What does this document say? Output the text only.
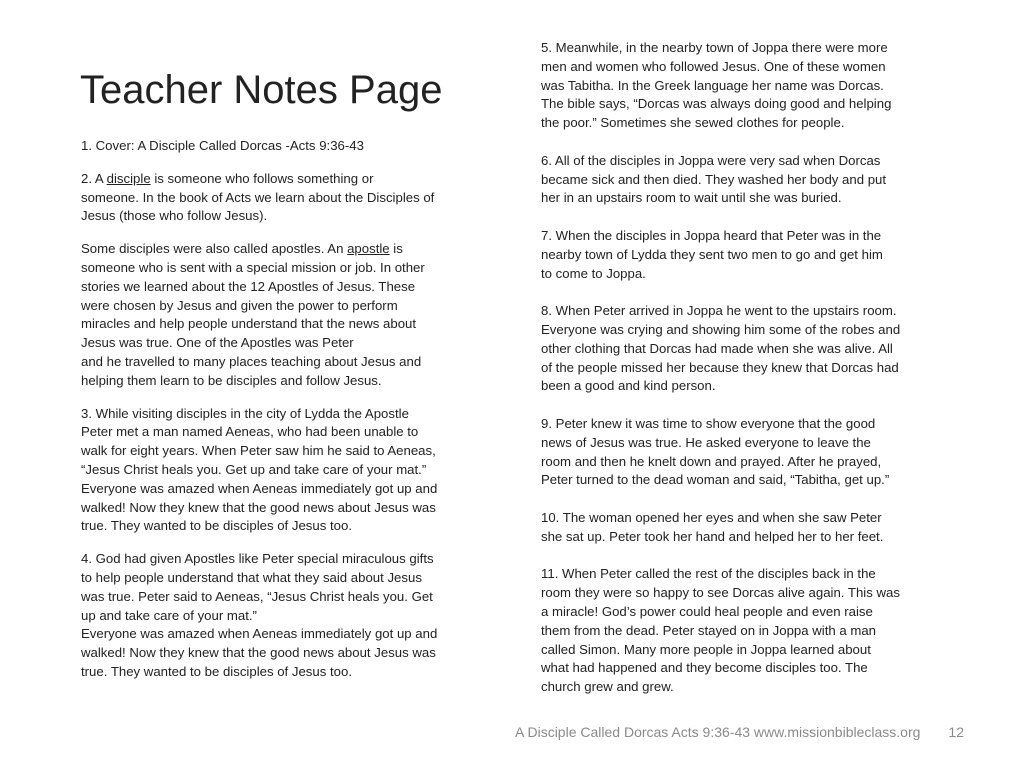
Teacher Notes Page

1. Cover: A Disciple Called Dorcas -Acts 9:36-43

2. A disciple is someone who follows something or
someone. In the book of Acts we learn about the Disciples of
Jesus (those who follow Jesus).

Some disciples were also called apostles. An apostle is
someone who is sent with a special mission or job. In other
stories we learned about the 12 Apostles of Jesus. These
were chosen by Jesus and given the power to perform
miracles and help people understand that the news about
Jesus was true. One of the Apostles was Peter
and he travelled to many places teaching about Jesus and
helping them learn to be disciples and follow Jesus.

3. While visiting disciples in the city of Lydda the Apostle
Peter met a man named Aeneas, who had been unable to
walk for eight years. When Peter saw him he said to Aeneas,
“Jesus Christ heals you. Get up and take care of your mat.”
Everyone was amazed when Aeneas immediately got up and
walked! Now they knew that the good news about Jesus was
true. They wanted to be disciples of Jesus too.

4. God had given Apostles like Peter special miraculous gifts
to help people understand that what they said about Jesus
was true. Peter said to Aeneas, “Jesus Christ heals you. Get
up and take care of your mat.”
Everyone was amazed when Aeneas immediately got up and
walked! Now they knew that the good news about Jesus was
true. They wanted to be disciples of Jesus too.

5. Meanwhile, in the nearby town of Joppa there were more
men and women who followed Jesus. One of these women
was Tabitha. In the Greek language her name was Dorcas.
The bible says, “Dorcas was always doing good and helping
the poor.” Sometimes she sewed clothes for people.

6. All of the disciples in Joppa were very sad when Dorcas
became sick and then died. They washed her body and put
her in an upstairs room to wait until she was buried.

7. When the disciples in Joppa heard that Peter was in the
nearby town of Lydda they sent two men to go and get him
to come to Joppa.

8. When Peter arrived in Joppa he went to the upstairs room.
Everyone was crying and showing him some of the robes and
other clothing that Dorcas had made when she was alive. All
of the people missed her because they knew that Dorcas had
been a good and kind person.

9. Peter knew it was time to show everyone that the good
news of Jesus was true. He asked everyone to leave the
room and then he knelt down and prayed. After he prayed,
Peter turned to the dead woman and said, “Tabitha, get up.”

10. The woman opened her eyes and when she saw Peter
she sat up. Peter took her hand and helped her to her feet.

11. When Peter called the rest of the disciples back in the
room they were so happy to see Dorcas alive again. This was
a miracle! God’s power could heal people and even raise
them from the dead. Peter stayed on in Joppa with a man
called Simon. Many more people in Joppa learned about
what had happened and they become disciples too. The
church grew and grew.

A Disciple Called Dorcas Acts 9:36-43 www.missionbibleclass.org 12
